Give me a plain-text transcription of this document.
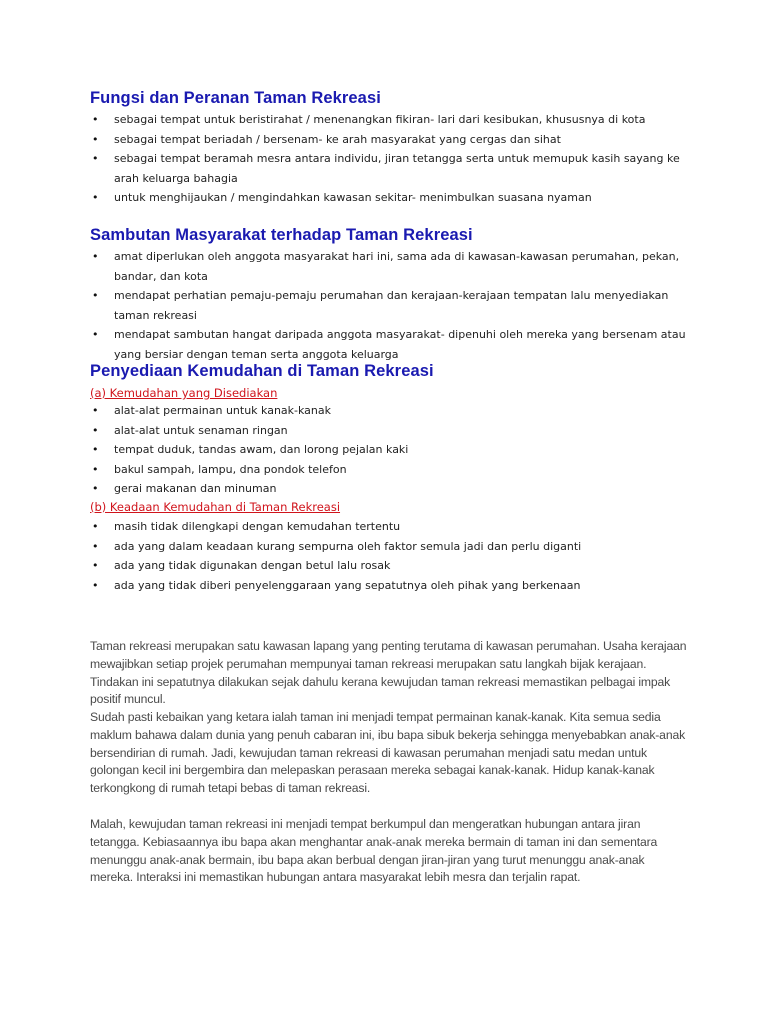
Fungsi dan Peranan Taman Rekreasi
• sebagai tempat untuk beristirahat / menenangkan fikiran- lari dari kesibukan, khususnya di kota
• sebagai tempat beriadah / bersenam- ke arah masyarakat yang cergas dan sihat
• sebagai tempat beramah mesra antara individu, jiran tetangga serta untuk memupuk kasih sayang ke arah keluarga bahagia
• untuk menghijaukan / mengindahkan kawasan sekitar- menimbulkan suasana nyaman
Sambutan Masyarakat terhadap Taman Rekreasi
• amat diperlukan oleh anggota masyarakat hari ini, sama ada di kawasan-kawasan perumahan, pekan, bandar, dan kota
• mendapat perhatian pemaju-pemaju perumahan dan kerajaan-kerajaan tempatan lalu menyediakan taman rekreasi
• mendapat sambutan hangat daripada anggota masyarakat- dipenuhi oleh mereka yang bersenam atau yang bersiar dengan teman serta anggota keluarga
Penyediaan Kemudahan di Taman Rekreasi
(a) Kemudahan yang Disediakan
• alat-alat permainan untuk kanak-kanak
• alat-alat untuk senaman ringan
• tempat duduk, tandas awam, dan lorong pejalan kaki
• bakul sampah, lampu, dna pondok telefon
• gerai makanan dan minuman
(b) Keadaan Kemudahan di Taman Rekreasi
• masih tidak dilengkapi dengan kemudahan tertentu
• ada yang dalam keadaan kurang sempurna oleh faktor semula jadi dan perlu diganti
• ada yang tidak digunakan dengan betul lalu rosak
• ada yang tidak diberi penyelenggaraan yang sepatutnya oleh pihak yang berkenaan
Taman rekreasi merupakan satu kawasan lapang yang penting terutama di kawasan perumahan. Usaha kerajaan mewajibkan setiap projek perumahan mempunyai taman rekreasi merupakan satu langkah bijak kerajaan. Tindakan ini sepatutnya dilakukan sejak dahulu kerana kewujudan taman rekreasi memastikan pelbagai impak positif muncul.
Sudah pasti kebaikan yang ketara ialah taman ini menjadi tempat permainan kanak-kanak. Kita semua sedia maklum bahawa dalam dunia yang penuh cabaran ini, ibu bapa sibuk bekerja sehingga menyebabkan anak-anak bersendirian di rumah. Jadi, kewujudan taman rekreasi di kawasan perumahan menjadi satu medan untuk golongan kecil ini bergembira dan melepaskan perasaan mereka sebagai kanak-kanak. Hidup kanak-kanak terkongkong di rumah tetapi bebas di taman rekreasi.
Malah, kewujudan taman rekreasi ini menjadi tempat berkumpul dan mengeratkan hubungan antara jiran tetangga. Kebiasaannya ibu bapa akan menghantar anak-anak mereka bermain di taman ini dan sementara menunggu anak-anak bermain, ibu bapa akan berbual dengan jiran-jiran yang turut menunggu anak-anak mereka. Interaksi ini memastikan hubungan antara masyarakat lebih mesra dan terjalin rapat.
